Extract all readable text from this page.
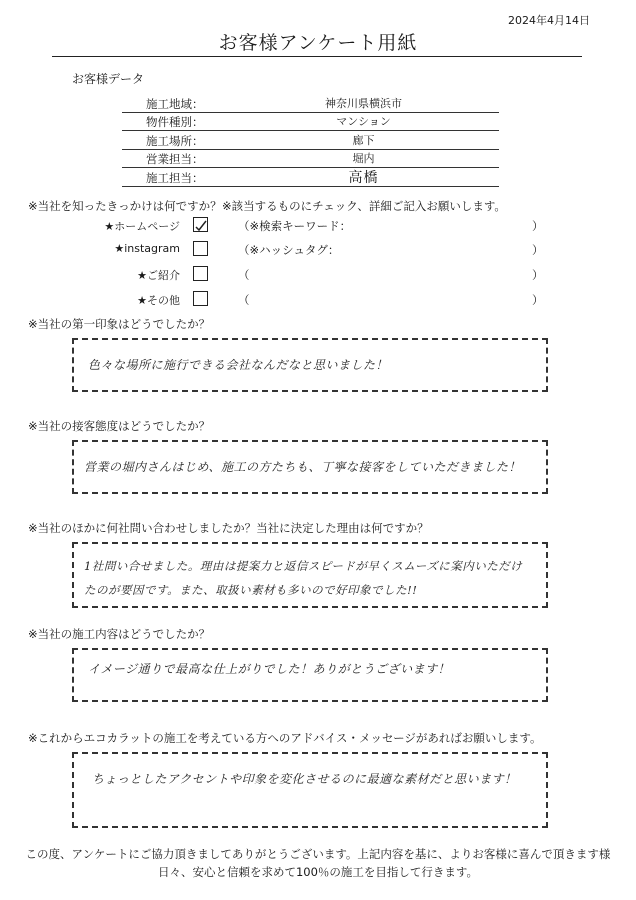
2024年4月14日
お客様アンケート用紙
お客様データ
施工地域：	神奈川県横浜市
物件種別：	マンション
施工場所：	廊下
営業担当：	堀内
施工担当：	高橋
※当社を知ったきっかけは何ですか？ ※該当するものにチェック、詳細ご記入お願いします。
★ホームページ	（※検索キーワード：	）
★instagram	（※ハッシュタグ：	）
★ご紹介	（	）
★その他	（	）
※当社の第一印象はどうでしたか？
色々な場所に施行できる会社なんだなと思いました！
※当社の接客態度はどうでしたか？
営業の堀内さんはじめ、施工の方たちも、丁寧な接客をしていただきました！
※当社のほかに何社問い合わせしましたか？当社に決定した理由は何ですか？
1社問い合せました。理由は提案力と返信スピードが早くスムーズに案内いただけ
たのが要因です。また、取扱い素材も多いので好印象でした!!
※当社の施工内容はどうでしたか？
イメージ通りで最高な仕上がりでした！ありがとうございます！
※これからエコカラットの施工を考えている方へのアドバイス・メッセージがあればお願いします。
ちょっとしたアクセントや印象を変化させるのに最適な素材だと思います！
この度、アンケートにご協力頂きましてありがとうございます。上記内容を基に、よりお客様に喜んで頂きます様
日々、安心と信頼を求めて100％の施工を目指して行きます。
